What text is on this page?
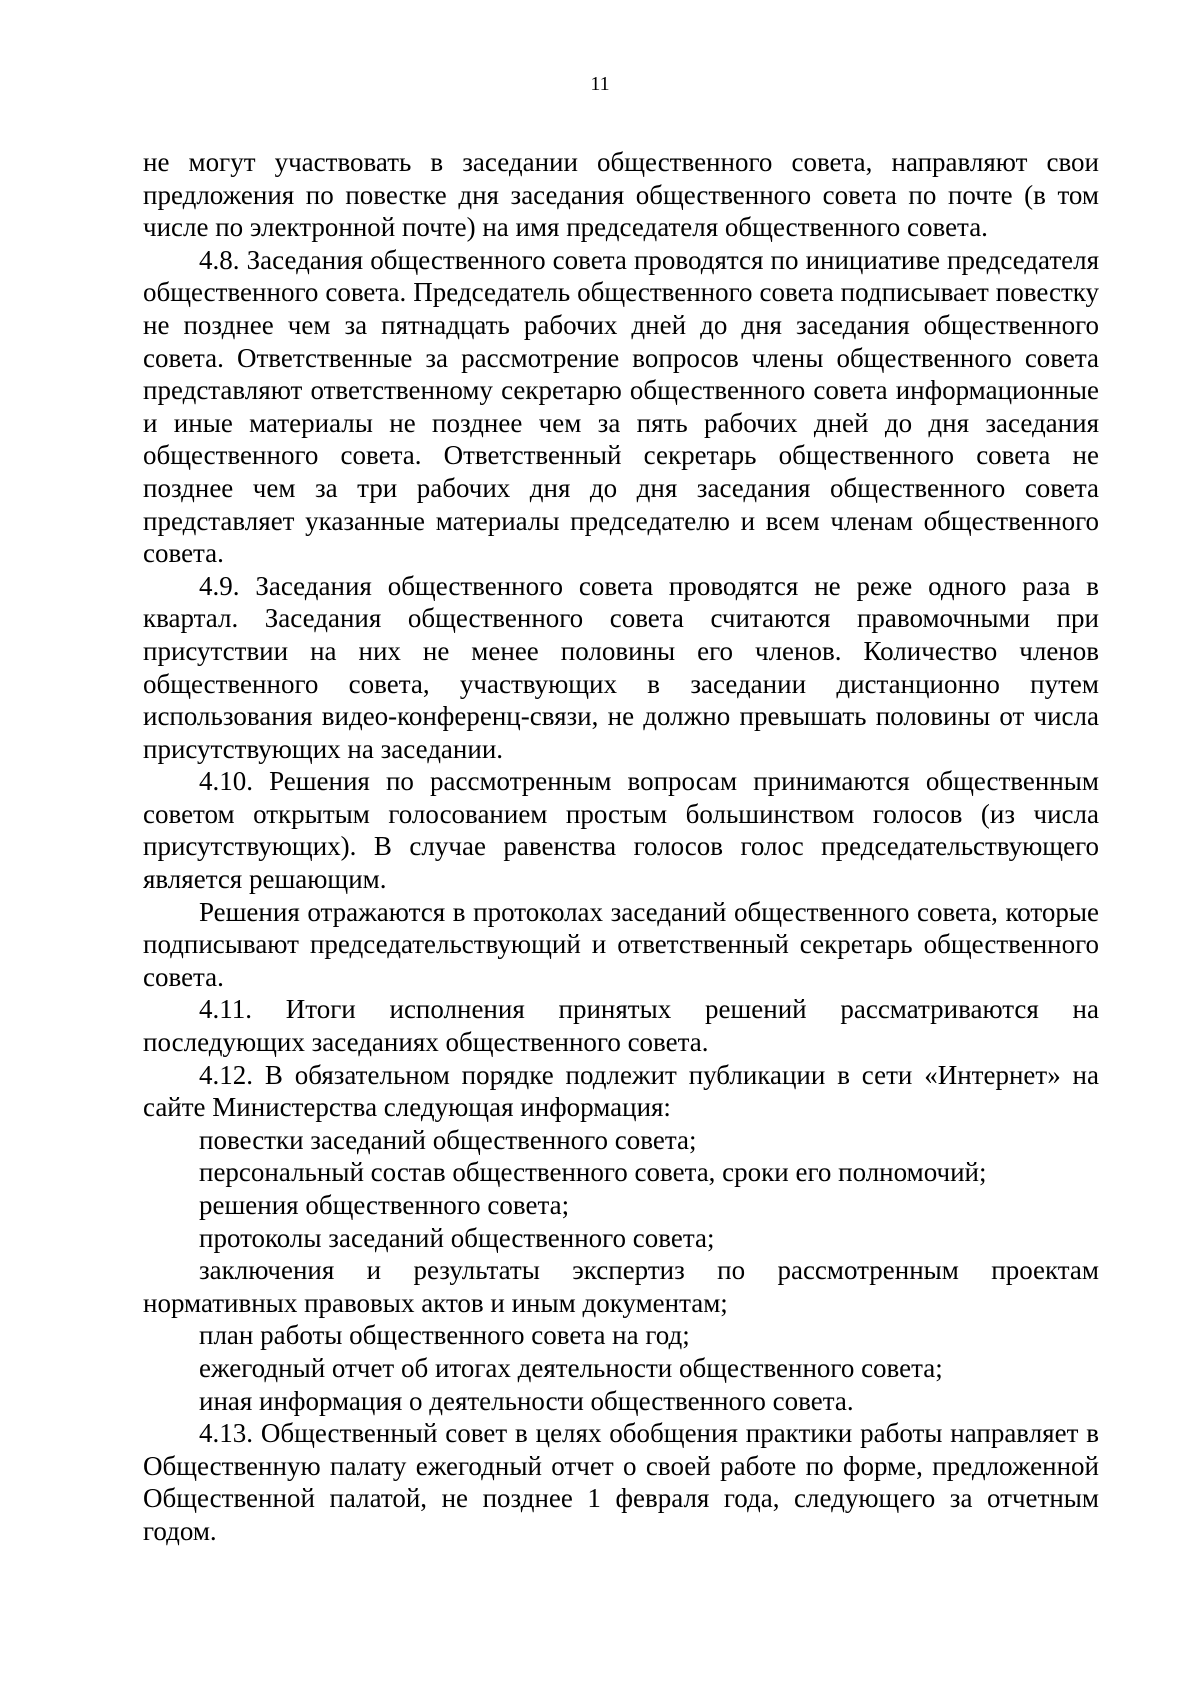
11

не могут участвовать в заседании общественного совета, направляют свои предложения по повестке дня заседания общественного совета по почте (в том числе по электронной почте) на имя председателя общественного совета.

4.8. Заседания общественного совета проводятся по инициативе председателя общественного совета. Председатель общественного совета подписывает повестку не позднее чем за пятнадцать рабочих дней до дня заседания общественного совета. Ответственные за рассмотрение вопросов члены общественного совета представляют ответственному секретарю общественного совета информационные и иные материалы не позднее чем за пять рабочих дней до дня заседания общественного совета. Ответственный секретарь общественного совета не позднее чем за три рабочих дня до дня заседания общественного совета представляет указанные материалы председателю и всем членам общественного совета.

4.9. Заседания общественного совета проводятся не реже одного раза в квартал. Заседания общественного совета считаются правомочными при присутствии на них не менее половины его членов. Количество членов общественного совета, участвующих в заседании дистанционно путем использования видео-конференц-связи, не должно превышать половины от числа присутствующих на заседании.

4.10. Решения по рассмотренным вопросам принимаются общественным советом открытым голосованием простым большинством голосов (из числа присутствующих). В случае равенства голосов голос председательствующего является решающим.

Решения отражаются в протоколах заседаний общественного совета, которые подписывают председательствующий и ответственный секретарь общественного совета.

4.11. Итоги исполнения принятых решений рассматриваются на последующих заседаниях общественного совета.

4.12. В обязательном порядке подлежит публикации в сети «Интернет» на сайте Министерства следующая информация:

повестки заседаний общественного совета;

персональный состав общественного совета, сроки его полномочий;

решения общественного совета;

протоколы заседаний общественного совета;

заключения и результаты экспертиз по рассмотренным проектам нормативных правовых актов и иным документам;

план работы общественного совета на год;

ежегодный отчет об итогах деятельности общественного совета;

иная информация о деятельности общественного совета.

4.13. Общественный совет в целях обобщения практики работы направляет в Общественную палату ежегодный отчет о своей работе по форме, предложенной Общественной палатой, не позднее 1 февраля года, следующего за отчетным годом.
